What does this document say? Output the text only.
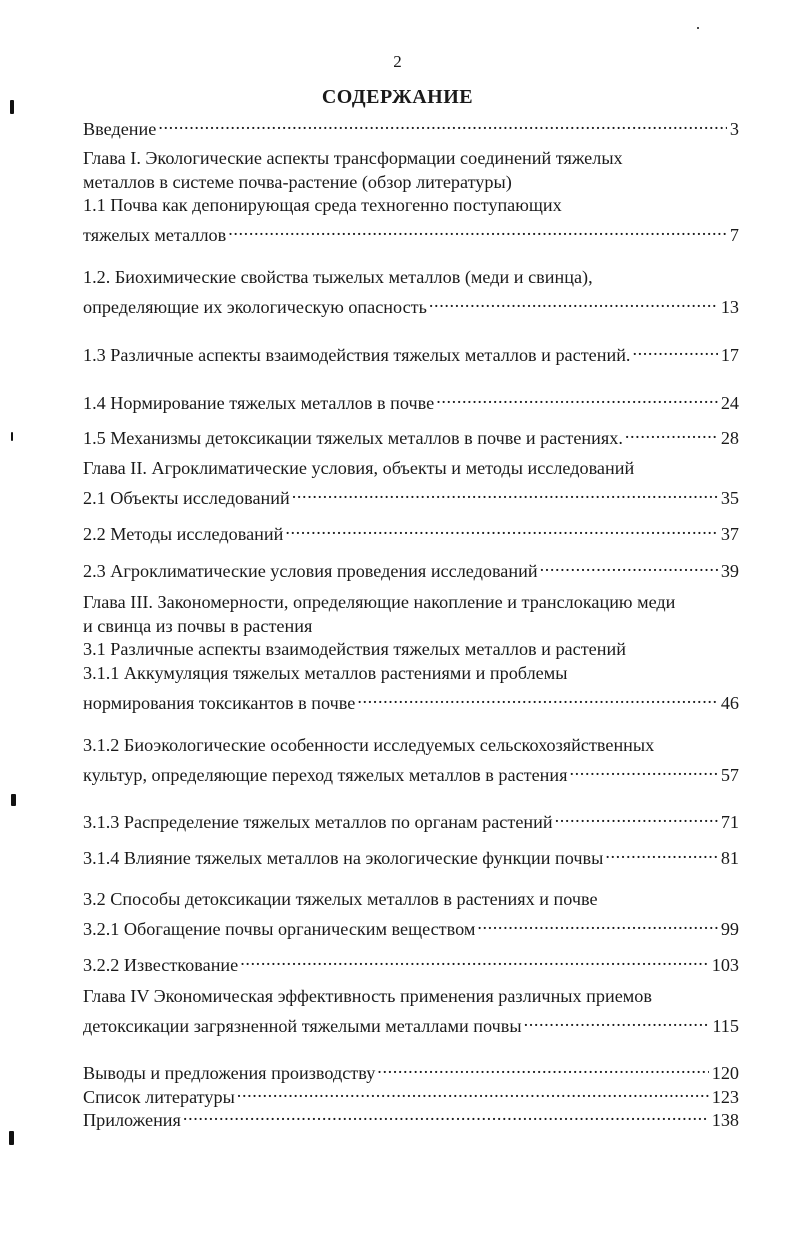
2
СОДЕРЖАНИЕ
Введение .....	3
Глава I. Экологические аспекты трансформации соединений тяжелых
металлов в системе почва-растение (обзор литературы)
1.1 Почва как депонирующая среда техногенно поступающих
тяжелых металлов .....	7
1.2. Биохимические свойства тыжелых металлов (меди и свинца),
определяющие их экологическую опасность .....	13
1.3 Различные аспекты взаимодействия тяжелых металлов и растений. .....	17
1.4 Нормирование тяжелых металлов в почве .....	24
1.5 Механизмы детоксикации тяжелых металлов в почве и растениях. .....	28
Глава II. Агроклиматические условия, объекты и методы исследований
2.1 Объекты исследований .....	35
2.2 Методы исследований .....	37
2.3 Агроклиматические условия проведения исследований .....	39
Глава III. Закономерности, определяющие накопление и транслокацию меди
и свинца из почвы в растения
3.1 Различные аспекты взаимодействия тяжелых металлов и растений
3.1.1 Аккумуляция тяжелых металлов растениями и проблемы
нормирования токсикантов в почве .....	46
3.1.2 Биоэкологические особенности исследуемых сельскохозяйственных
культур, определяющие переход тяжелых металлов в растения .....	57
3.1.3 Распределение тяжелых металлов по органам растений .....	71
3.1.4 Влияние тяжелых металлов на экологические функции почвы .....	81
3.2 Способы детоксикации тяжелых металлов в растениях и почве
3.2.1 Обогащение почвы органическим веществом .....	99
3.2.2 Известкование .....	103
Глава IV Экономическая эффективность применения различных приемов
детоксикации загрязненной тяжелыми металлами почвы .....	115
Выводы и предложения производству .....	120
Список литературы .....	123
Приложения .....	138
